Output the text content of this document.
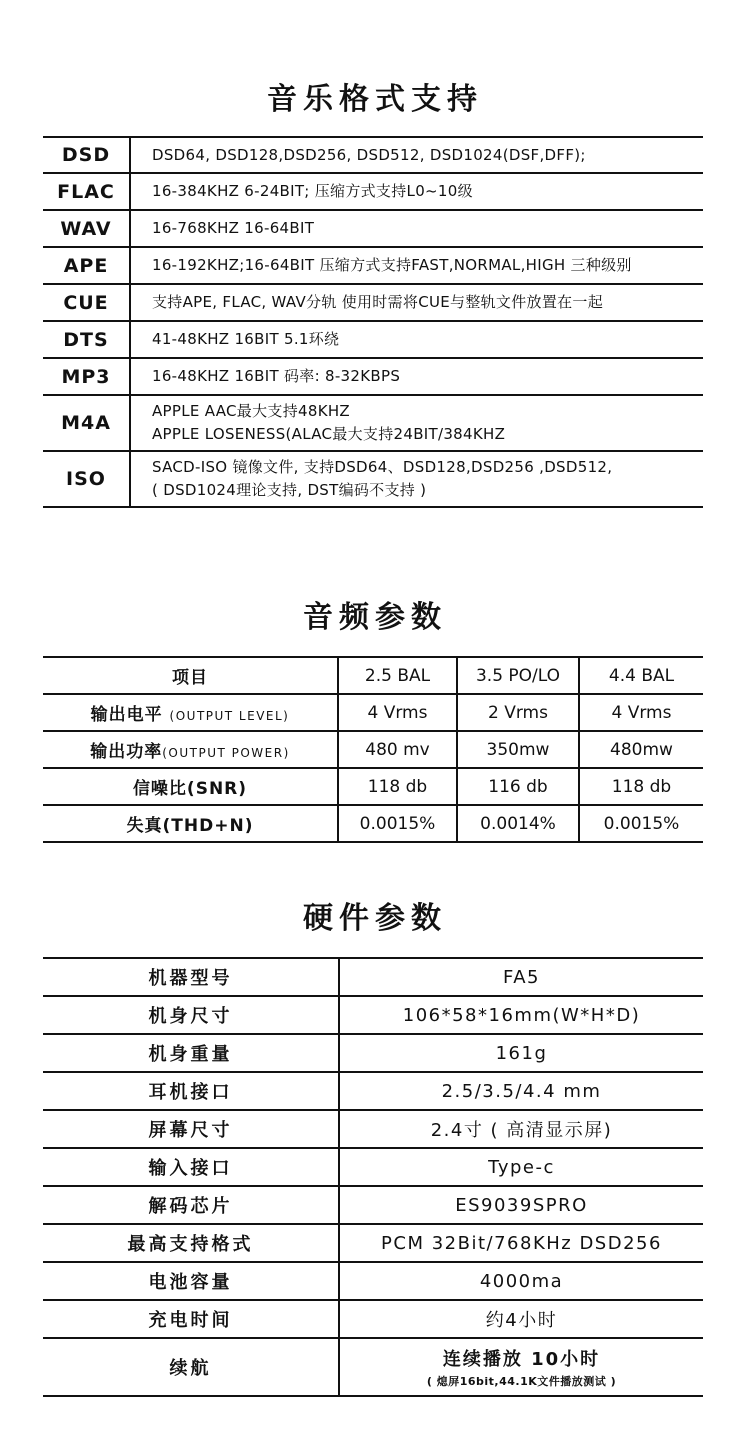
音乐格式支持
DSD	DSD64, DSD128,DSD256, DSD512, DSD1024(DSF,DFF);

FLAC	16-384KHZ 6-24BIT; 压缩方式支持L0~10级

WAV	16-768KHZ 16-64BIT

APE	16-192KHZ;16-64BIT 压缩方式支持FAST,NORMAL,HIGH 三种级别

CUE	支持APE, FLAC, WAV分轨 使用时需将CUE与整轨文件放置在一起

DTS	41-48KHZ 16BIT 5.1环绕

MP3	16-48KHZ 16BIT 码率: 8-32KBPS

M4A	APPLE AAC最大支持48KHZ
APPLE LOSENESS(ALAC最大支持24BIT/384KHZ

ISO	SACD-ISO 镜像文件, 支持DSD64、DSD128,DSD256 ,DSD512,
( DSD1024理论支持, DST编码不支持 )
音频参数
项目	2.5 BAL	3.5 PO/LO	4.4 BAL
输出电平 (OUTPUT LEVEL)	4 Vrms	2 Vrms	4 Vrms
输出功率(OUTPUT POWER)	480 mv	350mw	480mw
信噪比(SNR)	118 db	116 db	118 db
失真(THD+N)	0.0015%	0.0014%	0.0015%
硬件参数
机器型号	FA5
机身尺寸	106*58*16mm(W*H*D)
机身重量	161g
耳机接口	2.5/3.5/4.4 mm
屏幕尺寸	2.4寸 ( 高清显示屏)
输入接口	Type-c
解码芯片	ES9039SPRO
最高支持格式	PCM 32Bit/768KHz DSD256
电池容量	4000ma
充电时间	约4小时
续航	连续播放 10小时
( 熄屏16bit,44.1K文件播放测试 )
